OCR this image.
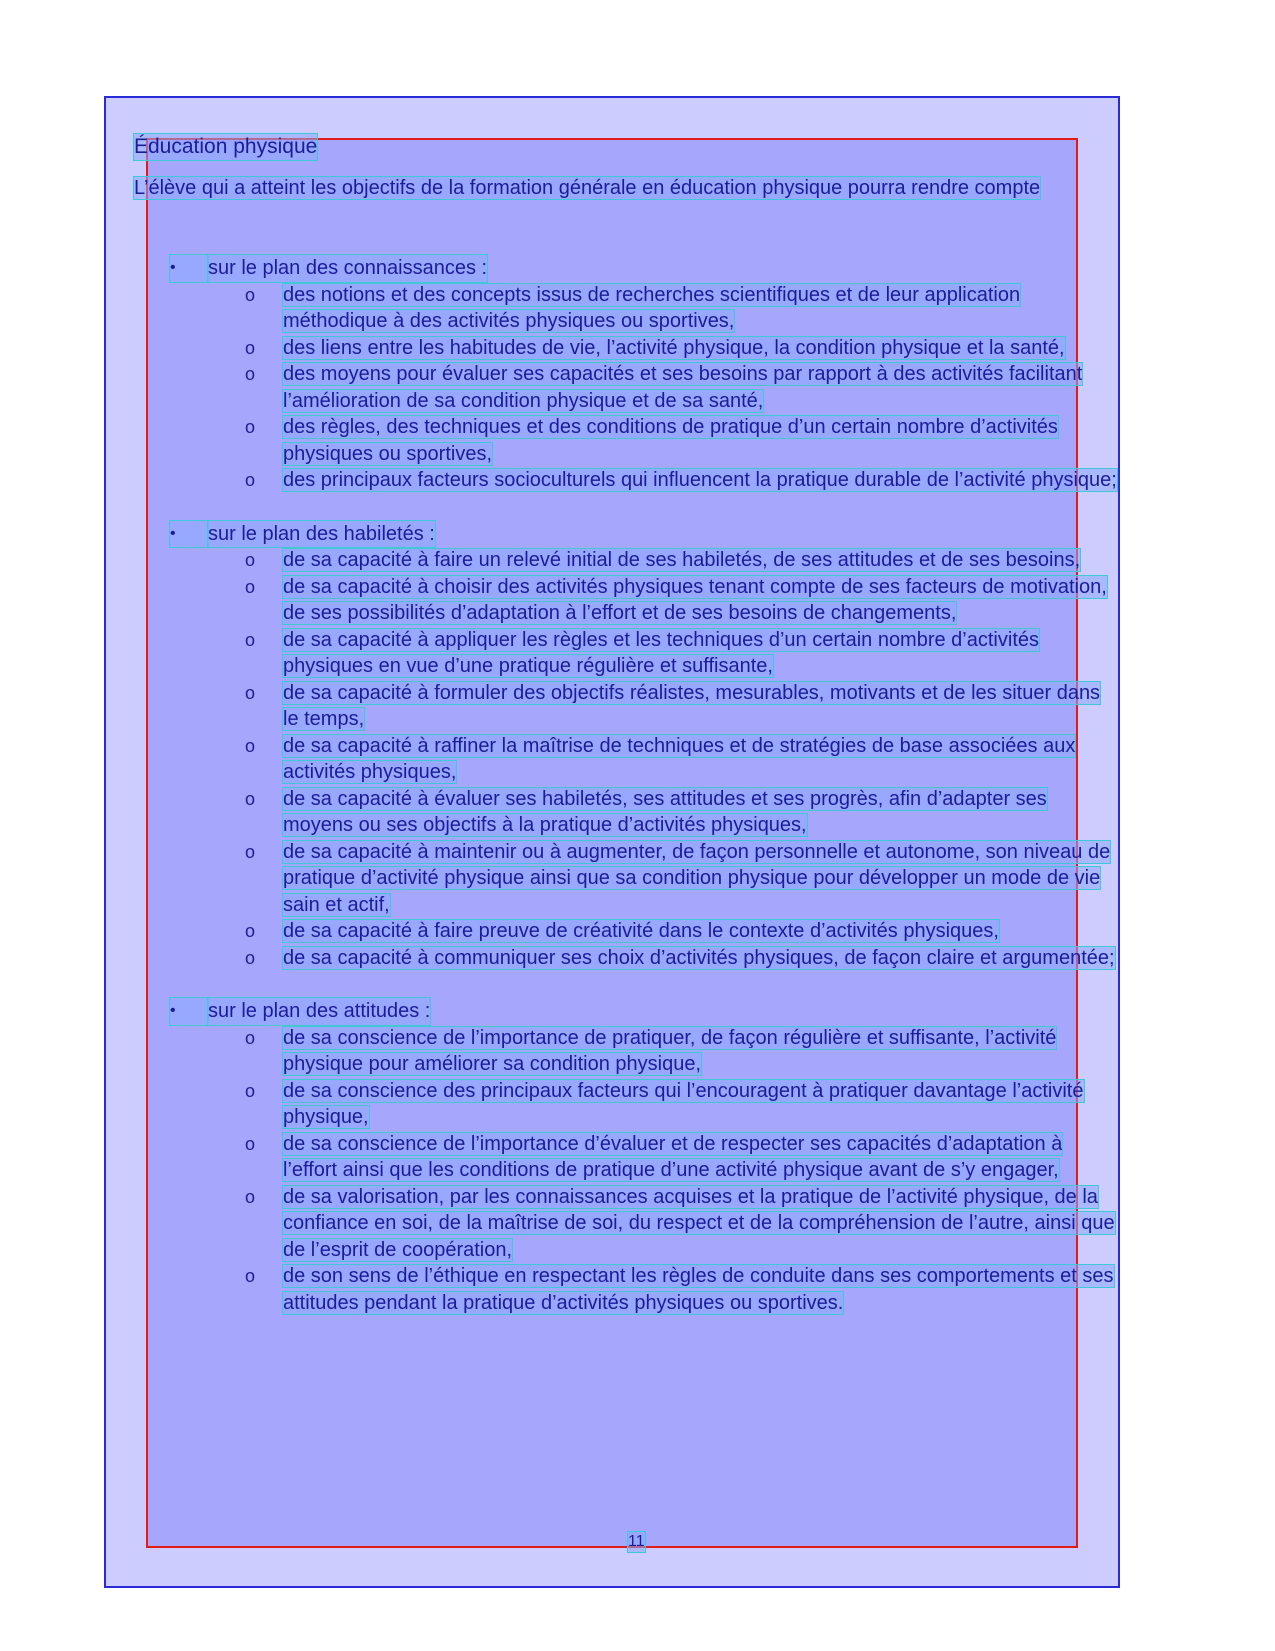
Éducation physique
L’élève qui a atteint les objectifs de la formation générale en éducation physique pourra rendre compte
•	sur le plan des connaissances :
o	des notions et des concepts issus de recherches scientifiques et de leur application méthodique à des activités physiques ou sportives,
o	des liens entre les habitudes de vie, l’activité physique, la condition physique et la santé,
o	des moyens pour évaluer ses capacités et ses besoins par rapport à des activités facilitant l’amélioration de sa condition physique et de sa santé,
o	des règles, des techniques et des conditions de pratique d’un certain nombre d’activités physiques ou sportives,
o	des principaux facteurs socioculturels qui influencent la pratique durable de l’activité physique;
•	sur le plan des habiletés :
o	de sa capacité à faire un relevé initial de ses habiletés, de ses attitudes et de ses besoins,
o	de sa capacité à choisir des activités physiques tenant compte de ses facteurs de motivation, de ses possibilités d’adaptation à l’effort et de ses besoins de changements,
o	de sa capacité à appliquer les règles et les techniques d’un certain nombre d’activités physiques en vue d’une pratique régulière et suffisante,
o	de sa capacité à formuler des objectifs réalistes, mesurables, motivants et de les situer dans le temps,
o	de sa capacité à raffiner la maîtrise de techniques et de stratégies de base associées aux activités physiques,
o	de sa capacité à évaluer ses habiletés, ses attitudes et ses progrès, afin d’adapter ses moyens ou ses objectifs à la pratique d’activités physiques,
o	de sa capacité à maintenir ou à augmenter, de façon personnelle et autonome, son niveau de pratique d’activité physique ainsi que sa condition physique pour développer un mode de vie sain et actif,
o	de sa capacité à faire preuve de créativité dans le contexte d’activités physiques,
o	de sa capacité à communiquer ses choix d’activités physiques, de façon claire et argumentée;
•	sur le plan des attitudes :
o	de sa conscience de l’importance de pratiquer, de façon régulière et suffisante, l’activité physique pour améliorer sa condition physique,
o	de sa conscience des principaux facteurs qui l’encouragent à pratiquer davantage l’activité physique,
o	de sa conscience de l’importance d’évaluer et de respecter ses capacités d’adaptation à l’effort ainsi que les conditions de pratique d’une activité physique avant de s’y engager,
o	de sa valorisation, par les connaissances acquises et la pratique de l’activité physique, de la confiance en soi, de la maîtrise de soi, du respect et de la compréhension de l’autre, ainsi que de l’esprit de coopération,
o	de son sens de l’éthique en respectant les règles de conduite dans ses comportements et ses attitudes pendant la pratique d’activités physiques ou sportives.
11
